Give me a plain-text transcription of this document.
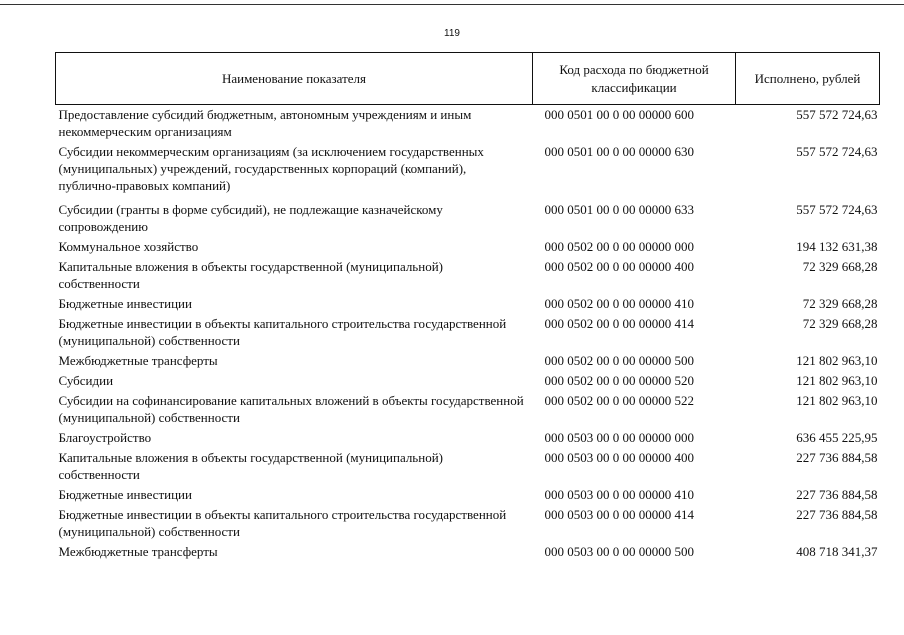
119
Наименование показателя	Код расхода по бюджетной классификации	Исполнено, рублей
Предоставление субсидий бюджетным, автономным учреждениям и иным некоммерческим организациям	000 0501 00 0 00 00000 600	557 572 724,63
Субсидии некоммерческим организациям (за исключением государственных (муниципальных) учреждений, государственных корпораций (компаний), публично-правовых компаний)	000 0501 00 0 00 00000 630	557 572 724,63
Субсидии (гранты в форме субсидий), не подлежащие казначейскому сопровождению	000 0501 00 0 00 00000 633	557 572 724,63
Коммунальное хозяйство	000 0502 00 0 00 00000 000	194 132 631,38
Капитальные вложения в объекты государственной (муниципальной) собственности	000 0502 00 0 00 00000 400	72 329 668,28
Бюджетные инвестиции	000 0502 00 0 00 00000 410	72 329 668,28
Бюджетные инвестиции в объекты капитального строительства государственной (муниципальной) собственности	000 0502 00 0 00 00000 414	72 329 668,28
Межбюджетные трансферты	000 0502 00 0 00 00000 500	121 802 963,10
Субсидии	000 0502 00 0 00 00000 520	121 802 963,10
Субсидии на софинансирование капитальных вложений в объекты государственной (муниципальной) собственности	000 0502 00 0 00 00000 522	121 802 963,10
Благоустройство	000 0503 00 0 00 00000 000	636 455 225,95
Капитальные вложения в объекты государственной (муниципальной) собственности	000 0503 00 0 00 00000 400	227 736 884,58
Бюджетные инвестиции	000 0503 00 0 00 00000 410	227 736 884,58
Бюджетные инвестиции в объекты капитального строительства государственной (муниципальной) собственности	000 0503 00 0 00 00000 414	227 736 884,58
Межбюджетные трансферты	000 0503 00 0 00 00000 500	408 718 341,37
